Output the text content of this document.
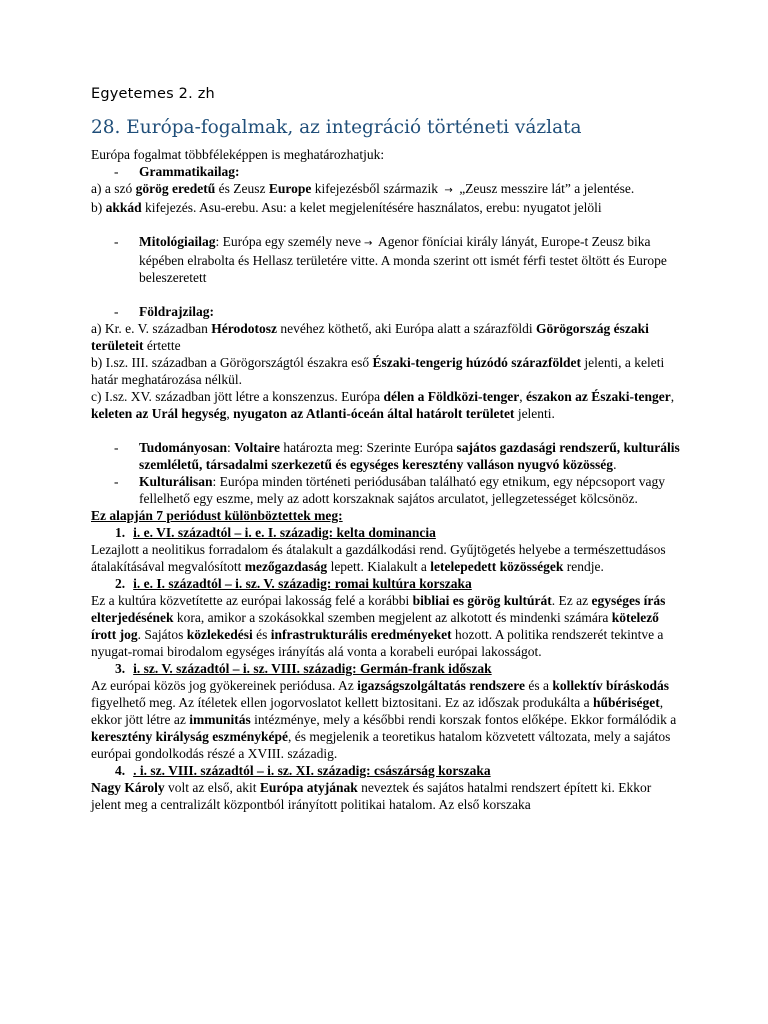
Egyetemes 2. zh
28. Európa-fogalmak, az integráció történeti vázlata

Európa fogalmat többféleképpen is meghatározhatjuk:

- Grammatikailag:

a) a szó görög eredetű és Zeusz Europe kifejezésből származik → „Zeusz messzire lát” a jelentése.

b) akkád kifejezés. Asu-erebu. Asu: a kelet megjelenítésére használatos, erebu: nyugatot jelöli

- Mitológiailag: Európa egy személy neve → Agenor föníciai király lányát, Europe-t Zeusz bika képében elrabolta és Hellasz területére vitte. A monda szerint ott ismét férfi testet öltött és Europe beleszeretett

- Földrajzilag:

a) Kr. e. V. században Hérodotosz nevéhez köthető, aki Európa alatt a szárazföldi Görögország északi területeit értette

b) I.sz. III. században a Görögországtól északra eső Északi-tengerig húzódó szárazföldet jelenti, a keleti határ meghatározása nélkül.

c) I.sz. XV. században jött létre a konszenzus. Európa délen a Földközi-tenger, északon az Északi-tenger, keleten az Urál hegység, nyugaton az Atlanti-óceán által határolt területet jelenti.

- Tudományosan: Voltaire határozta meg: Szerinte Európa sajátos gazdasági rendszerű, kulturális szemléletű, társadalmi szerkezetű és egységes keresztény valláson nyugvó közösség.

- Kulturálisan: Európa minden történeti periódusában található egy etnikum, egy népcsoport vagy fellelhető egy eszme, mely az adott korszaknak sajátos arculatot, jellegzetességet kölcsönöz.

Ez alapján 7 periódust különböztettek meg:

1. i. e. VI. századtól – i. e. I. századig: kelta dominancia

Lezajlott a neolitikus forradalom és átalakult a gazdálkodási rend. Gyűjtögetés helyebe a természettudásos átalakításával megvalósított mezőgazdaság lepett. Kialakult a letelepedett közösségek rendje.

2. i. e. I. századtól – i. sz. V. századig: romai kultúra korszaka

Ez a kultúra közvetítette az európai lakosság felé a korábbi bibliai es görög kultúrát. Ez az egységes írás elterjedésének kora, amikor a szokásokkal szemben megjelent az alkotott és mindenki számára kötelező írott jog. Sajátos közlekedési és infrastrukturális eredményeket hozott. A politika rendszerét tekintve a nyugat-romai birodalom egységes irányítás alá vonta a korabeli európai lakosságot.

3. i. sz. V. századtól – i. sz. VIII. századig: Germán-frank időszak

Az európai közös jog gyökereinek periódusa. Az igazságszolgáltatás rendszere és a kollektív bíráskodás figyelhető meg. Az ítéletek ellen jogorvoslatot kellett biztositani. Ez az időszak produkálta a hűbériséget, ekkor jött létre az immunitás intézménye, mely a későbbi rendi korszak fontos előképe. Ekkor formálódik a keresztény királyság eszményképé, és megjelenik a teoretikus hatalom közvetett változata, mely a sajátos európai gondolkodás részé a XVIII. századig.

4. . i. sz. VIII. századtól – i. sz. XI. századig: császárság korszaka

Nagy Károly volt az első, akit Európa atyjának neveztek és sajátos hatalmi rendszert épített ki. Ekkor jelent meg a centralizált központból irányított politikai hatalom. Az első korszaka
